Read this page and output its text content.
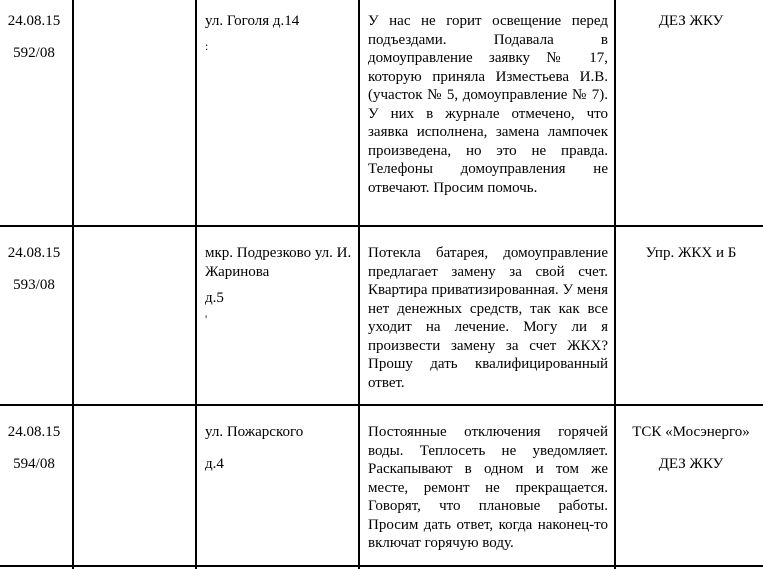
24.08.15
592/08
ул. Гоголя д.14
:
У нас не горит освещение перед подъездами. Подавала в домоуправление заявку № 17, которую приняла Изместьева И.В. (участок № 5, домоуправление № 7). У них в журнале отмечено, что заявка исполнена, замена лампочек произведена, но это не правда. Телефоны домоуправления не отвечают. Просим помочь.
ДЕЗ ЖКУ
24.08.15
593/08
мкр. Подрезково ул. И. Жаринова
д.5
'
Потекла батарея, домоуправление предлагает замену за свой счет. Квартира приватизированная. У меня нет денежных средств, так как все уходит на лечение. Могу ли я произвести замену за счет ЖКХ? Прошу дать квалифицированный ответ.
Упр. ЖКХ и Б
24.08.15
594/08
ул. Пожарского
д.4
Постоянные отключения горячей воды. Теплосеть не уведомляет. Раскапывают в одном и том же месте, ремонт не прекращается. Говорят, что плановые работы. Просим дать ответ, когда наконец-то включат горячую воду.
ТСК «Мосэнерго»
ДЕЗ ЖКУ
